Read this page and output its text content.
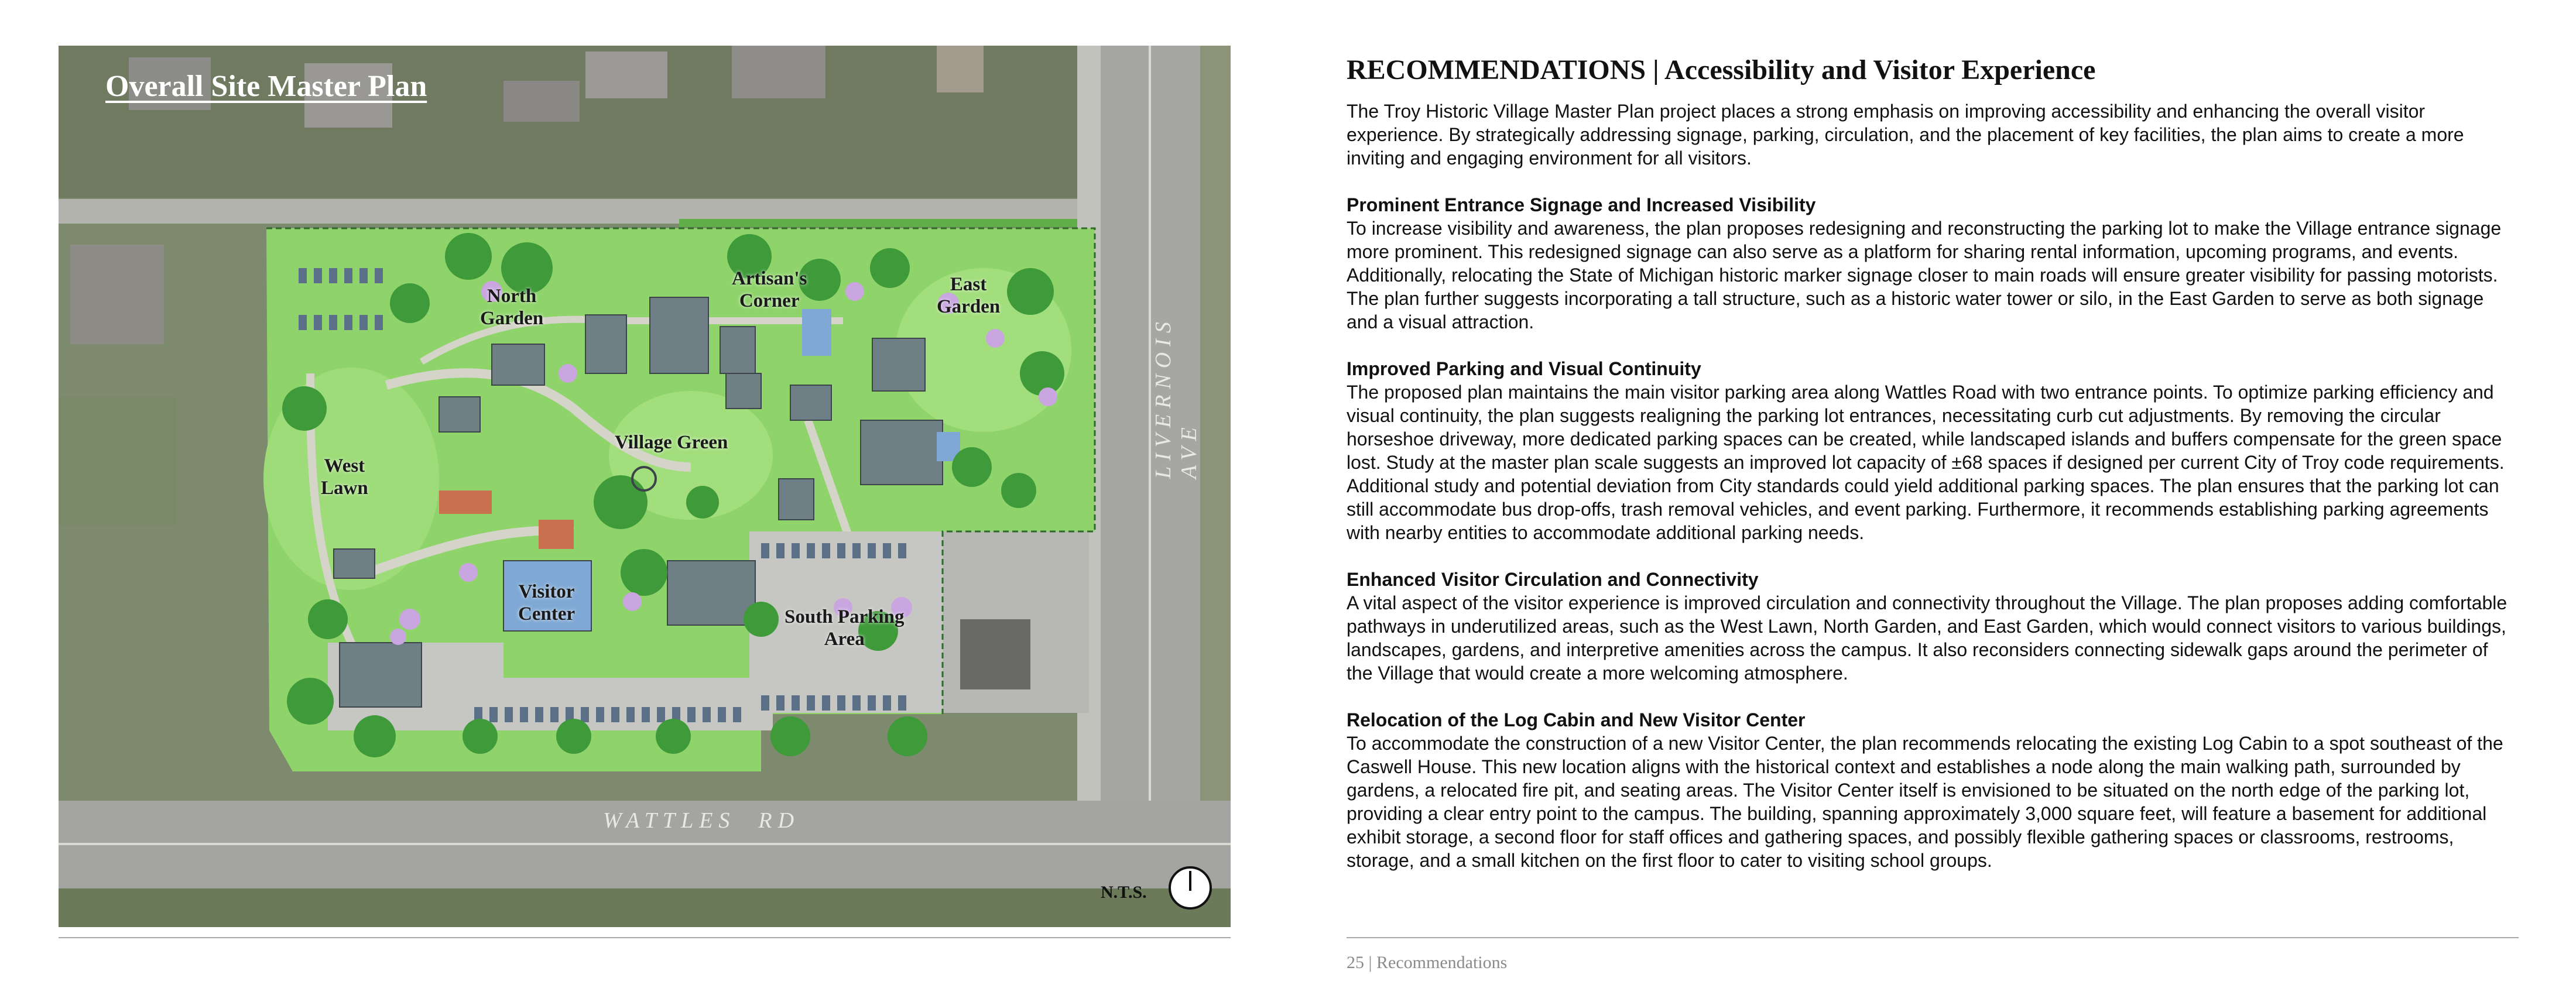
Overall Site Master Plan
North
Garden
Artisan's
Corner
East
Garden
West
Lawn
Village Green
Visitor
Center	South Parking
Area
LIVERNOIS AVE
WATTLES  RD
N.T.S.
RECOMMENDATIONS | Accessibility and Visitor Experience

The Troy Historic Village Master Plan project places a strong emphasis on improving accessibility and enhancing the overall visitor experience. By strategically addressing signage, parking, circulation, and the placement of key facilities, the plan aims to create a more inviting and engaging environment for all visitors.

Prominent Entrance Signage and Increased Visibility

To increase visibility and awareness, the plan proposes redesigning and reconstructing the parking lot to make the Village entrance signage more prominent. This redesigned signage can also serve as a platform for sharing rental information, upcoming programs, and events. Additionally, relocating the State of Michigan historic marker signage closer to main roads will ensure greater visibility for passing motorists. The plan further suggests incorporating a tall structure, such as a historic water tower or silo, in the East Garden to serve as both signage and a visual attraction.

Improved Parking and Visual Continuity

The proposed plan maintains the main visitor parking area along Wattles Road with two entrance points. To optimize parking efficiency and visual continuity, the plan suggests realigning the parking lot entrances, necessitating curb cut adjustments. By removing the circular horseshoe driveway, more dedicated parking spaces can be created, while landscaped islands and buffers compensate for the green space lost. Study at the master plan scale suggests an improved lot capacity of ±68 spaces if designed per current City of Troy code requirements. Additional study and potential deviation from City standards could yield additional parking spaces. The plan ensures that the parking lot can still accommodate bus drop-offs, trash removal vehicles, and event parking. Furthermore, it recommends establishing parking agreements with nearby entities to accommodate additional parking needs.

Enhanced Visitor Circulation and Connectivity

A vital aspect of the visitor experience is improved circulation and connectivity throughout the Village. The plan proposes adding comfortable pathways in underutilized areas, such as the West Lawn, North Garden, and East Garden, which would connect visitors to various buildings, landscapes, gardens, and interpretive amenities across the campus. It also reconsiders connecting sidewalk gaps around the perimeter of the Village that would create a more welcoming atmosphere.

Relocation of the Log Cabin and New Visitor Center

To accommodate the construction of a new Visitor Center, the plan recommends relocating the existing Log Cabin to a spot southeast of the Caswell House. This new location aligns with the historical context and establishes a node along the main walking path, surrounded by gardens, a relocated fire pit, and seating areas. The Visitor Center itself is envisioned to be situated on the north edge of the parking lot, providing a clear entry point to the campus. The building, spanning approximately 3,000 square feet, will feature a basement for additional exhibit storage, a second floor for staff offices and gathering spaces, and possibly flexible gathering spaces or classrooms, restrooms, storage, and a small kitchen on the first floor to cater to visiting school groups.

25 | Recommendations
